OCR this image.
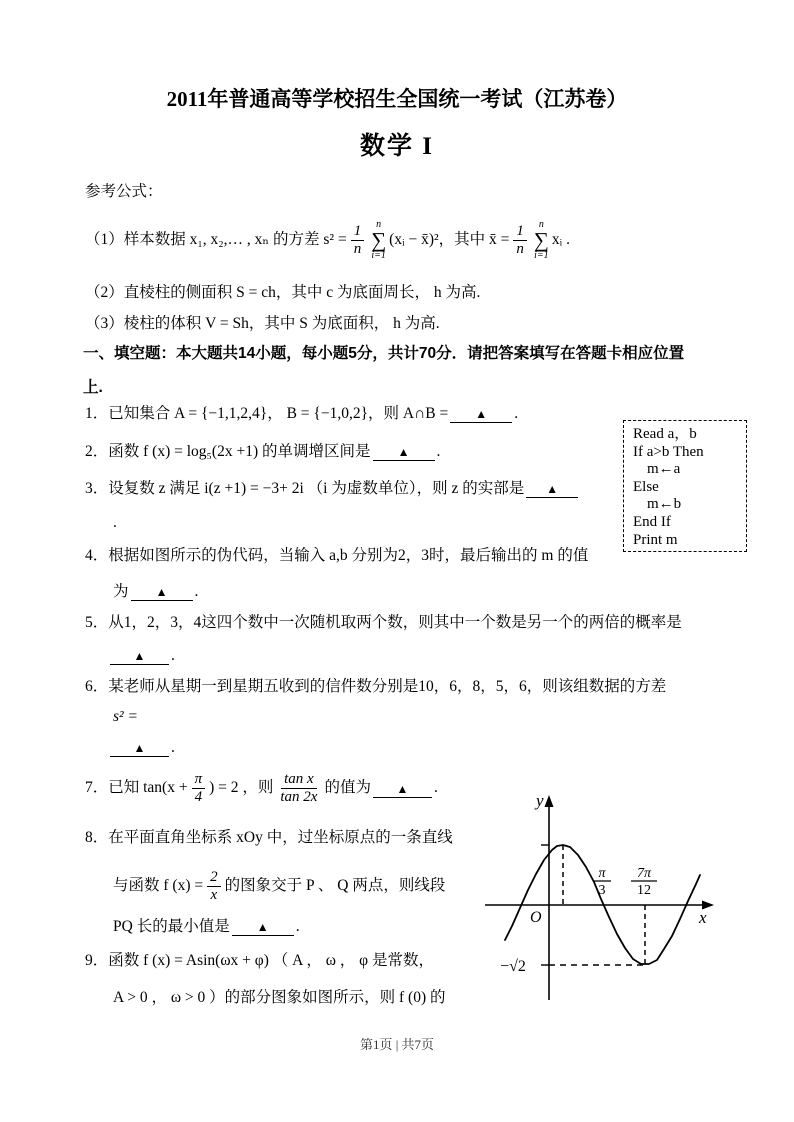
2011年普通高等学校招生全国统一考试（江苏卷）
数学 I
参考公式：
（1）样本数据 x₁, x₂,… , xₙ 的方差 $s^2 = \frac{1}{n}$ n
∑
i=1
(xᵢ − x̄)²，其中 x̄ = $\frac{1}{n}$ n
∑
i=1
xᵢ .
（2）直棱柱的侧面积 S = ch，其中 c 为底面周长， h 为高.
（3）棱柱的体积 V = Sh，其中 S 为底面积， h 为高.
一、填空题：本大题共14小题，每小题5分，共计70分．请把答案填写在答题卡相应位置
上.
1．已知集合 A = {−1,1,2,4}， B = {−1,0,2}，则 A∩B = ▲ .
2．函数 f (x) = log₅(2x +1) 的单调增区间是 ▲ .
3．设复数 z 满足 i(z +1) = −3+ 2i （i 为虚数单位），则 z 的实部是 ▲
.
4．根据如图所示的伪代码，当输入 a,b 分别为2，3时，最后输出的 m 的值
为 ▲ .
5．从1，2，3，4这四个数中一次随机取两个数，则其中一个数是另一个的两倍的概率是
▲ .
6．某老师从星期一到星期五收到的信件数分别是10，6，8，5，6，则该组数据的方差
s² =
▲ .
7．已知 $\tan(x + \frac{\pi}{4}$ ) = 2 ，则 $\frac{\text{tan x}}{\tan 2x}$ 的值为 ▲ .
8．在平面直角坐标系 xOy 中，过坐标原点的一条直线
与函数 f $(x) = \frac{2}{x}$ 的图象交于 P 、 Q 两点，则线段
PQ 长的最小值是 ▲ .
9．函数 f (x) = Asin(ωx + φ) （ A ， ω ， φ 是常数，
A > 0 ， ω > 0 ）的部分图象如图所示，则 f (0) 的
Read a，b
If a>b Then
m←a
Else
m←b
End If
Print m
y
x
O
π
3
7π
12
−√2
第1页 | 共7页
